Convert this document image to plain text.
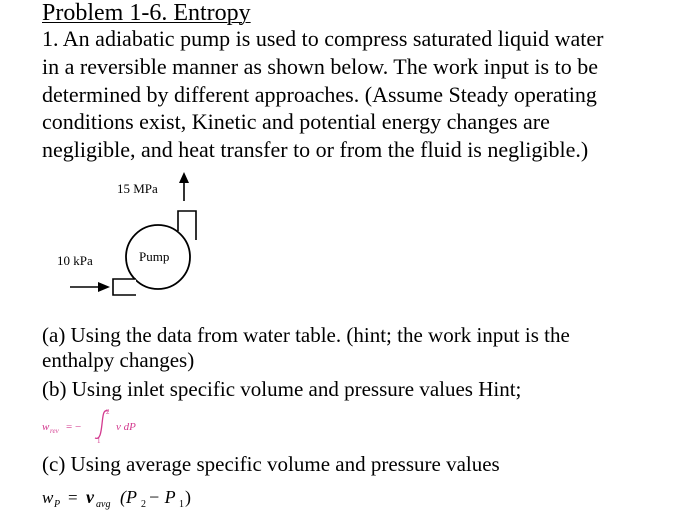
Problem 1-6. Entropy
1. An adiabatic pump is used to compress saturated liquid water
in a reversible manner as shown below. The work input is to be
determined by different approaches. (Assume Steady operating
conditions exist, Kinetic and potential energy changes are
negligible, and heat transfer to or from the fluid is negligible.)
15 MPa
Pump
10 kPa
(a) Using the data from water table. (hint; the work input is the
enthalpy changes)
(b) Using inlet specific volume and pressure values Hint;
w rev = −
2
1
v dP
(c) Using average specific volume and pressure values
w P = v avg (P 2 − P 1 )
